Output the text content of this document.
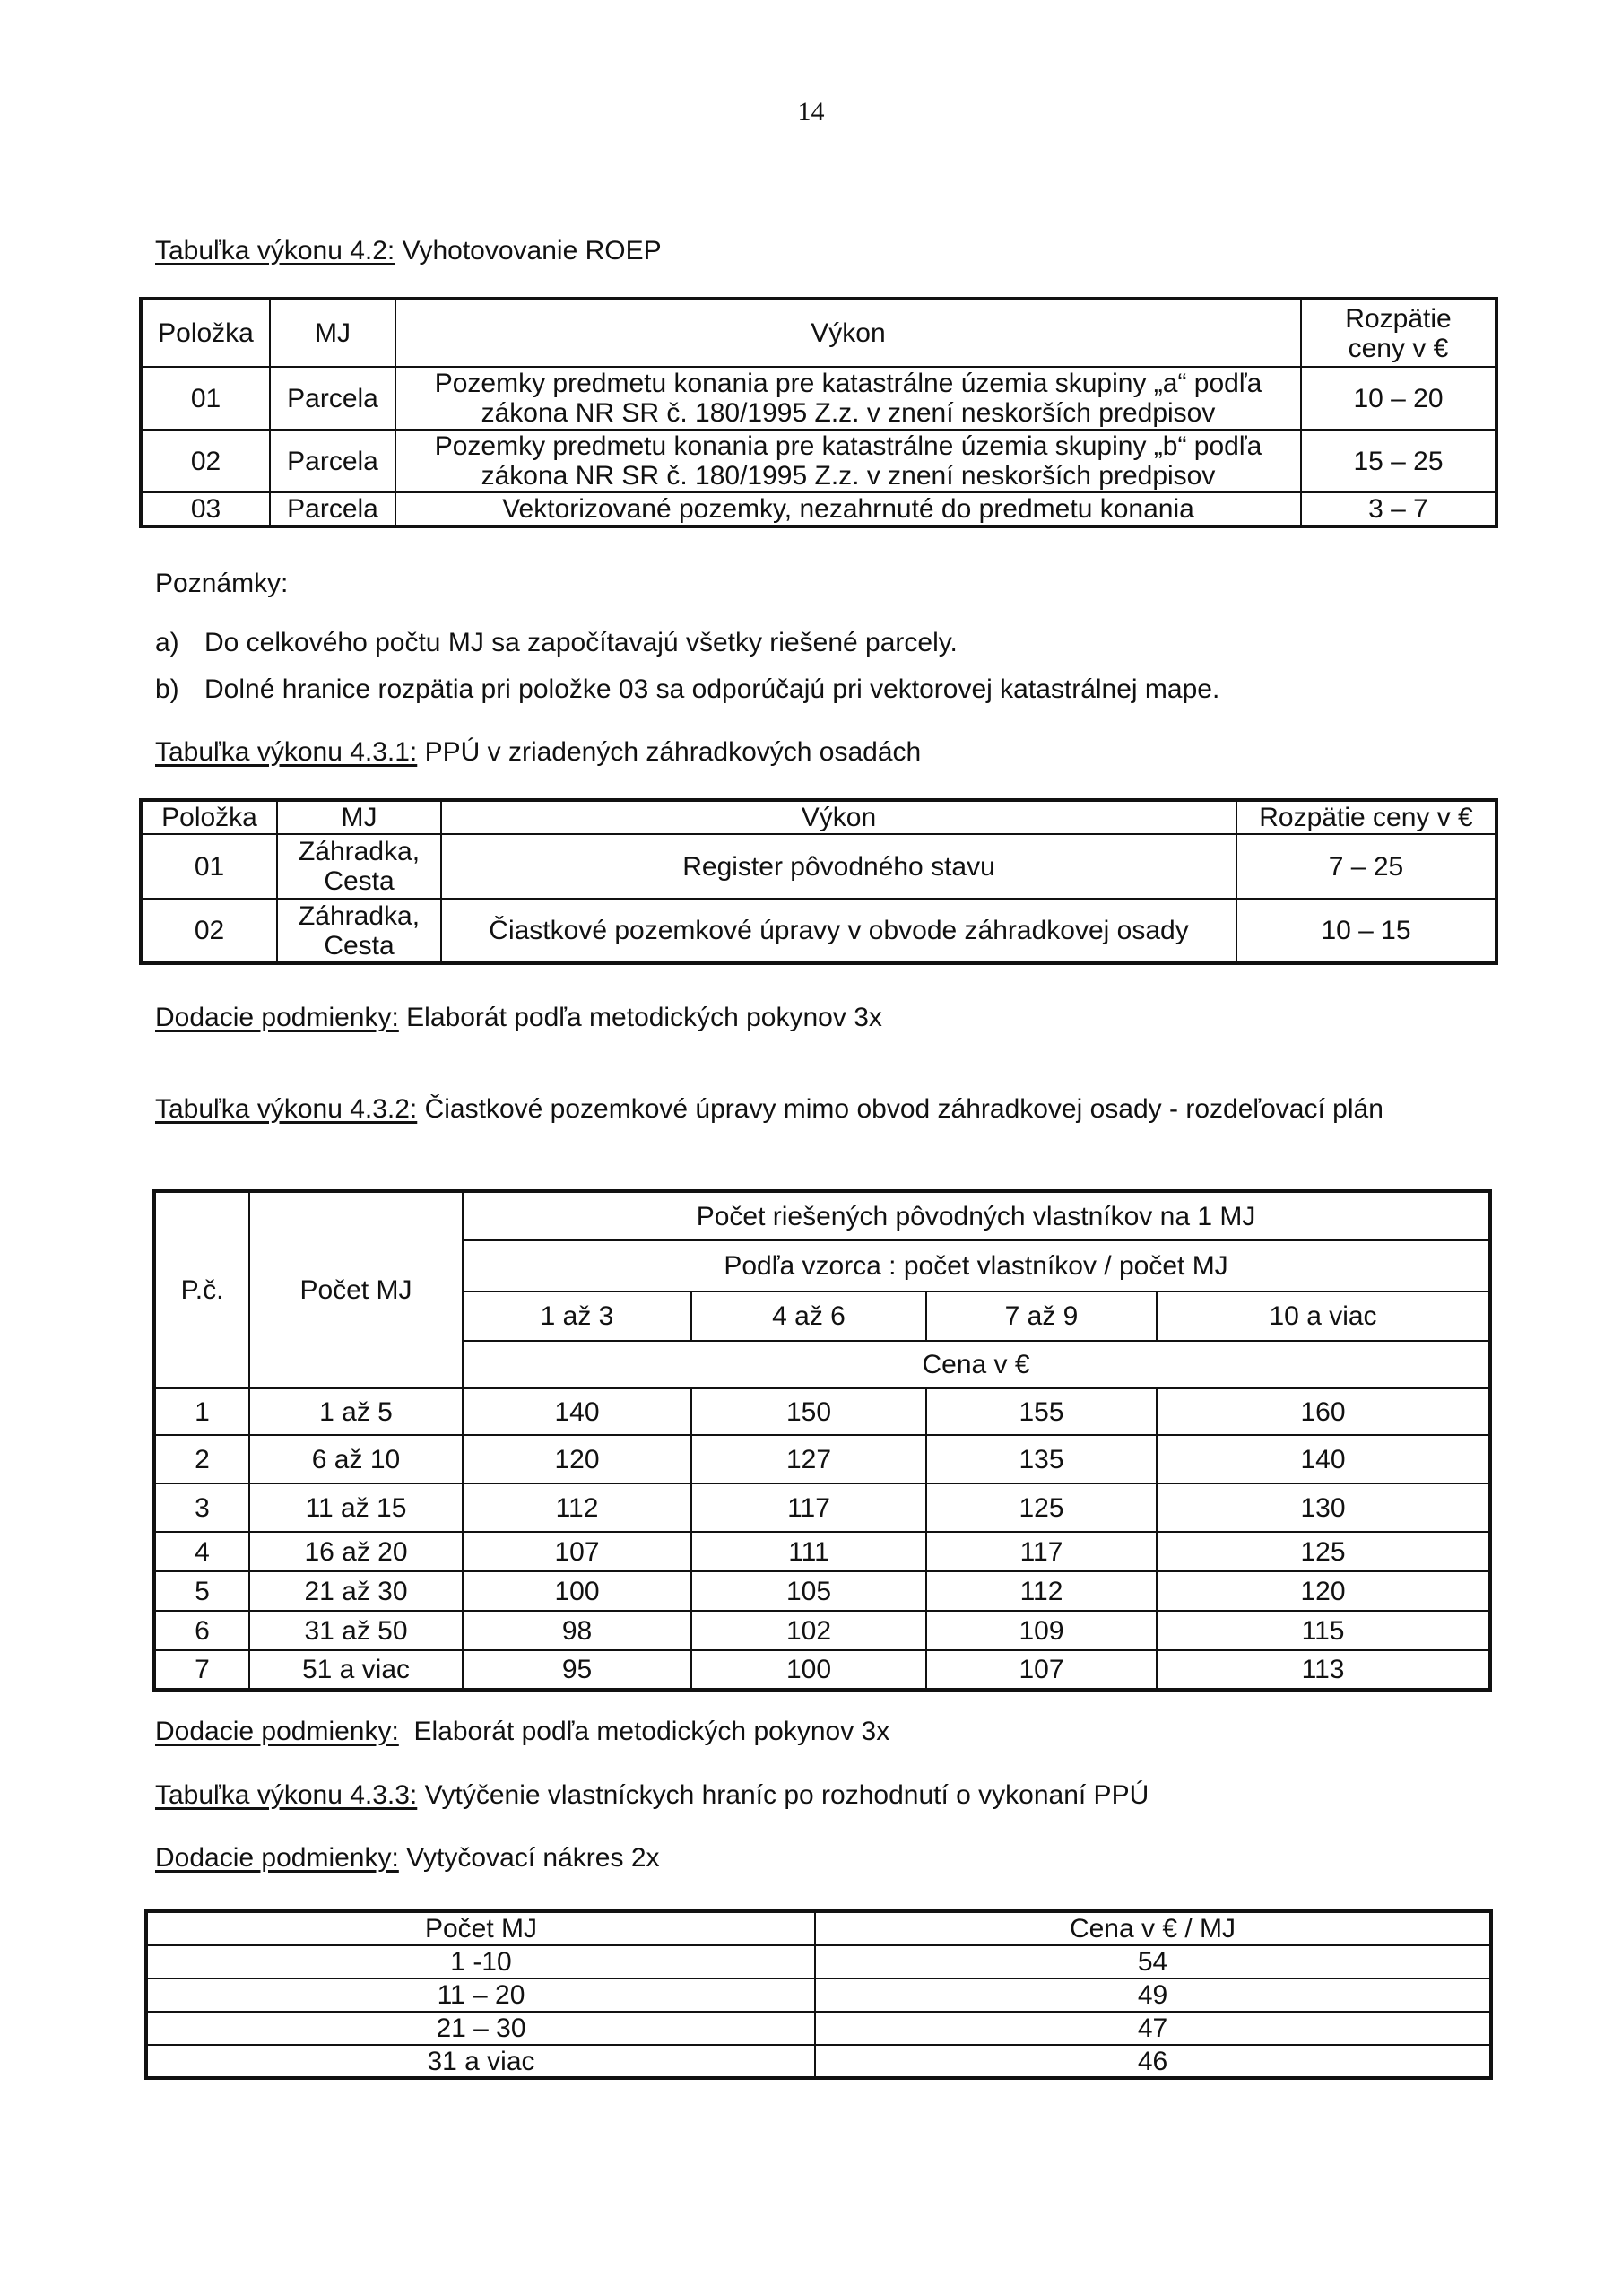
14
Tabuľka výkonu 4.2: Vyhotovovanie ROEP
Položka	MJ	Výkon	Rozpätie
ceny v €
01	Parcela	Pozemky predmetu konania pre katastrálne územia skupiny „a“ podľa
zákona NR SR č. 180/1995 Z.z. v znení neskorších predpisov	10 – 20
02	Parcela	Pozemky predmetu konania pre katastrálne územia skupiny „b“ podľa
zákona NR SR č. 180/1995 Z.z. v znení neskorších predpisov	15 – 25
03	Parcela	Vektorizované pozemky, nezahrnuté do predmetu konania	3 – 7
Poznámky:
a) Do celkového počtu MJ sa započítavajú všetky riešené parcely.
b) Dolné hranice rozpätia pri položke 03 sa odporúčajú pri vektorovej katastrálnej mape.
Tabuľka výkonu 4.3.1: PPÚ v zriadených záhradkových osadách
Položka	MJ	Výkon	Rozpätie ceny v €
01	Záhradka,
Cesta	Register pôvodného stavu	7 – 25
02	Záhradka,
Cesta	Čiastkové pozemkové úpravy v obvode záhradkovej osady	10 – 15
Dodacie podmienky: Elaborát podľa metodických pokynov 3x
Tabuľka výkonu 4.3.2: Čiastkové pozemkové úpravy mimo obvod záhradkovej osady - rozdeľovací plán
P.č.	Počet MJ	Počet riešených pôvodných vlastníkov na 1 MJ			
		Podľa vzorca : počet vlastníkov / počet MJ			
		1 až 3	4 až 6	7 až 9	10 a viac
		Cena v €			
1	1 až 5	140	150	155	160
2	6 až 10	120	127	135	140
3	11 až 15	112	117	125	130
4	16 až 20	107	111	117	125
5	21 až 30	100	105	112	120
6	31 až 50	98	102	109	115
7	51 a viac	95	100	107	113
Dodacie podmienky:  Elaborát podľa metodických pokynov 3x
Tabuľka výkonu 4.3.3: Vytýčenie vlastníckych hraníc po rozhodnutí o vykonaní PPÚ
Dodacie podmienky: Vytyčovací nákres 2x
Počet MJ	Cena v € / MJ
1 -10	54
11 – 20	49
21 – 30	47
31 a viac	46
